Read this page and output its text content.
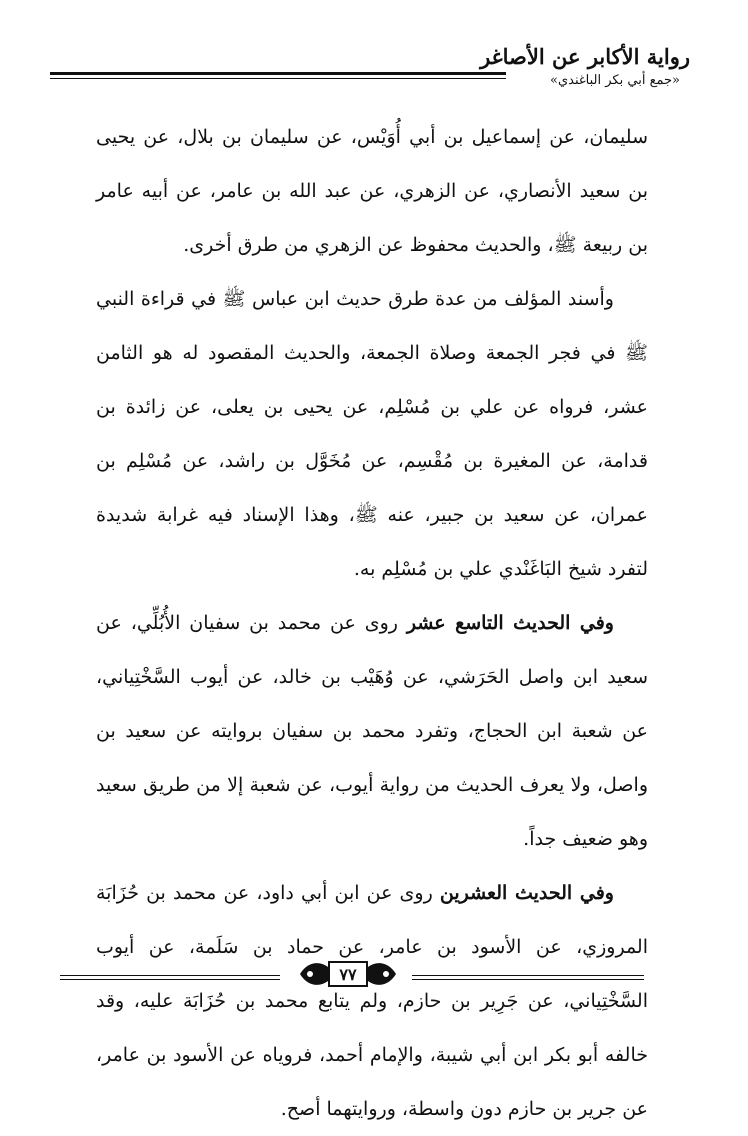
رواية الأكابر عن الأصاغر
«جمع أبي بكر الباغندي»

سليمان، عن إسماعيل بن أبي أُوَيْس، عن سليمان بن بلال، عن يحيى بن سعيد الأنصاري، عن الزهري، عن عبد الله بن عامر، عن أبيه عامر بن ربيعة ﷺ، والحديث محفوظ عن الزهري من طرق أخرى.

وأسند المؤلف من عدة طرق حديث ابن عباس ﷺ في قراءة النبي ﷺ في فجر الجمعة وصلاة الجمعة، والحديث المقصود له هو الثامن عشر، فرواه عن علي بن مُسْلِم، عن يحيى بن يعلى، عن زائدة بن قدامة، عن المغيرة بن مُقْسِم، عن مُخَوَّل بن راشد، عن مُسْلِم بن عمران، عن سعيد بن جبير، عنه ﷺ، وهذا الإسناد فيه غرابة شديدة لتفرد شيخ البَاغَنْدي علي بن مُسْلِم به.

وفي الحديث التاسع عشر روى عن محمد بن سفيان الأُبُلِّي، عن سعيد ابن واصل الحَرَشي، عن وُهَيْب بن خالد، عن أيوب السَّخْتِياني، عن شعبة ابن الحجاج، وتفرد محمد بن سفيان بروايته عن سعيد بن واصل، ولا يعرف الحديث من رواية أيوب، عن شعبة إلا من طريق سعيد وهو ضعيف جداً.

وفي الحديث العشرين روى عن ابن أبي داود، عن محمد بن حُزَابَة المروزي، عن الأسود بن عامر، عن حماد بن سَلَمة، عن أيوب السَّخْتِياني، عن جَرِير بن حازم، ولم يتابع محمد بن حُزَابَة عليه، وقد خالفه أبو بكر ابن أبي شيبة، والإمام أحمد، فروياه عن الأسود بن عامر، عن جرير بن حازم دون واسطة، وروايتهما أصح.

٧٧
